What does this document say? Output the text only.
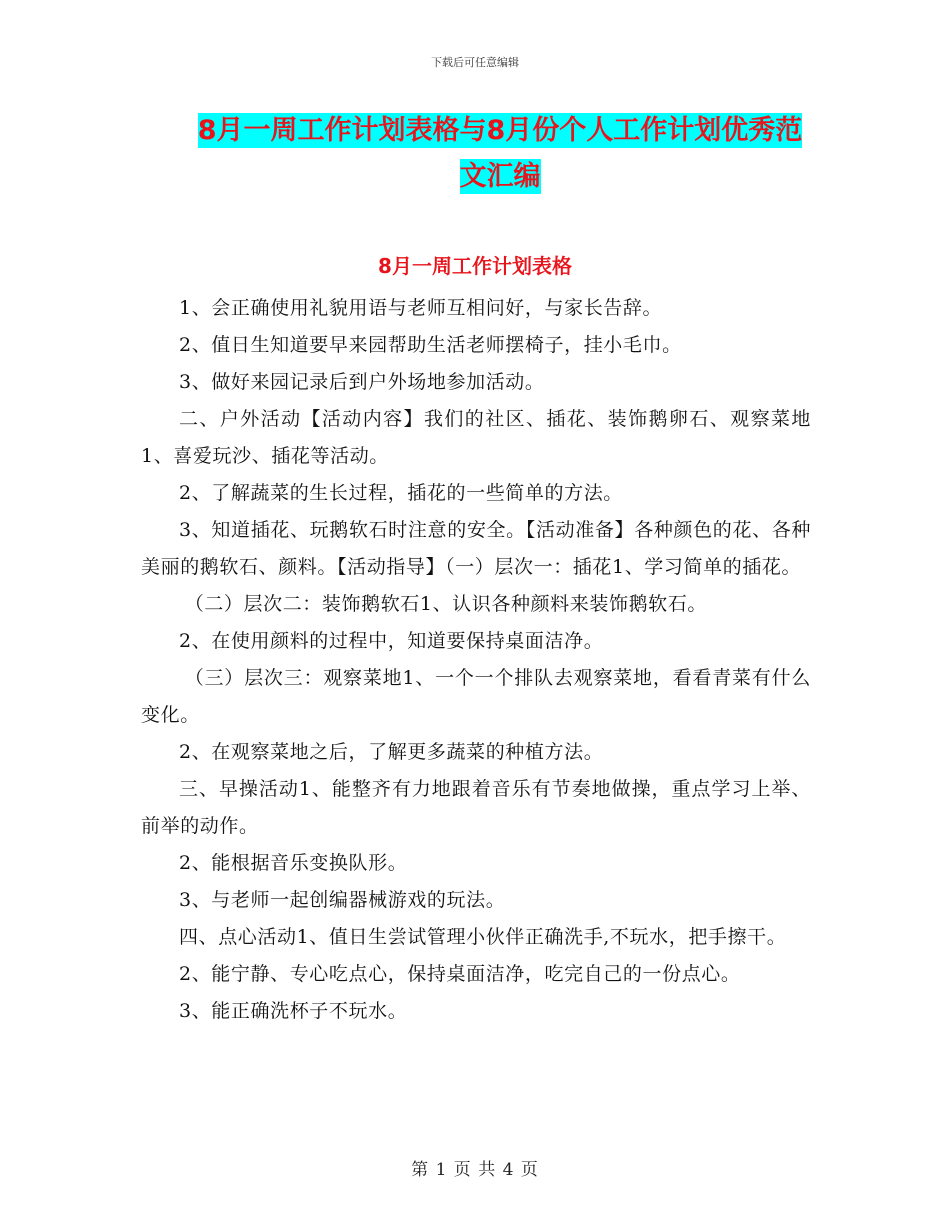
下载后可任意编辑
8月一周工作计划表格与8月份个人工作计划优秀范文汇编
8月一周工作计划表格

1、会正确使用礼貌用语与老师互相问好，与家长告辞。

2、值日生知道要早来园帮助生活老师摆椅子，挂小毛巾。

3、做好来园记录后到户外场地参加活动。

二、户外活动【活动内容】我们的社区、插花、装饰鹅卵石、观察菜地1、喜爱玩沙、插花等活动。

2、了解蔬菜的生长过程，插花的一些简单的方法。

3、知道插花、玩鹅软石时注意的安全。【活动准备】各种颜色的花、各种美丽的鹅软石、颜料。【活动指导】（一）层次一：插花1、学习简单的插花。

（二）层次二：装饰鹅软石1、认识各种颜料来装饰鹅软石。

2、在使用颜料的过程中，知道要保持桌面洁净。

（三）层次三：观察菜地1、一个一个排队去观察菜地，看看青菜有什么变化。

2、在观察菜地之后，了解更多蔬菜的种植方法。

三、早操活动1、能整齐有力地跟着音乐有节奏地做操，重点学习上举、前举的动作。

2、能根据音乐变换队形。

3、与老师一起创编器械游戏的玩法。

四、点心活动1、值日生尝试管理小伙伴正确洗手,不玩水，把手擦干。

2、能宁静、专心吃点心，保持桌面洁净，吃完自己的一份点心。

3、能正确洗杯子不玩水。

第 1 页 共 4 页
